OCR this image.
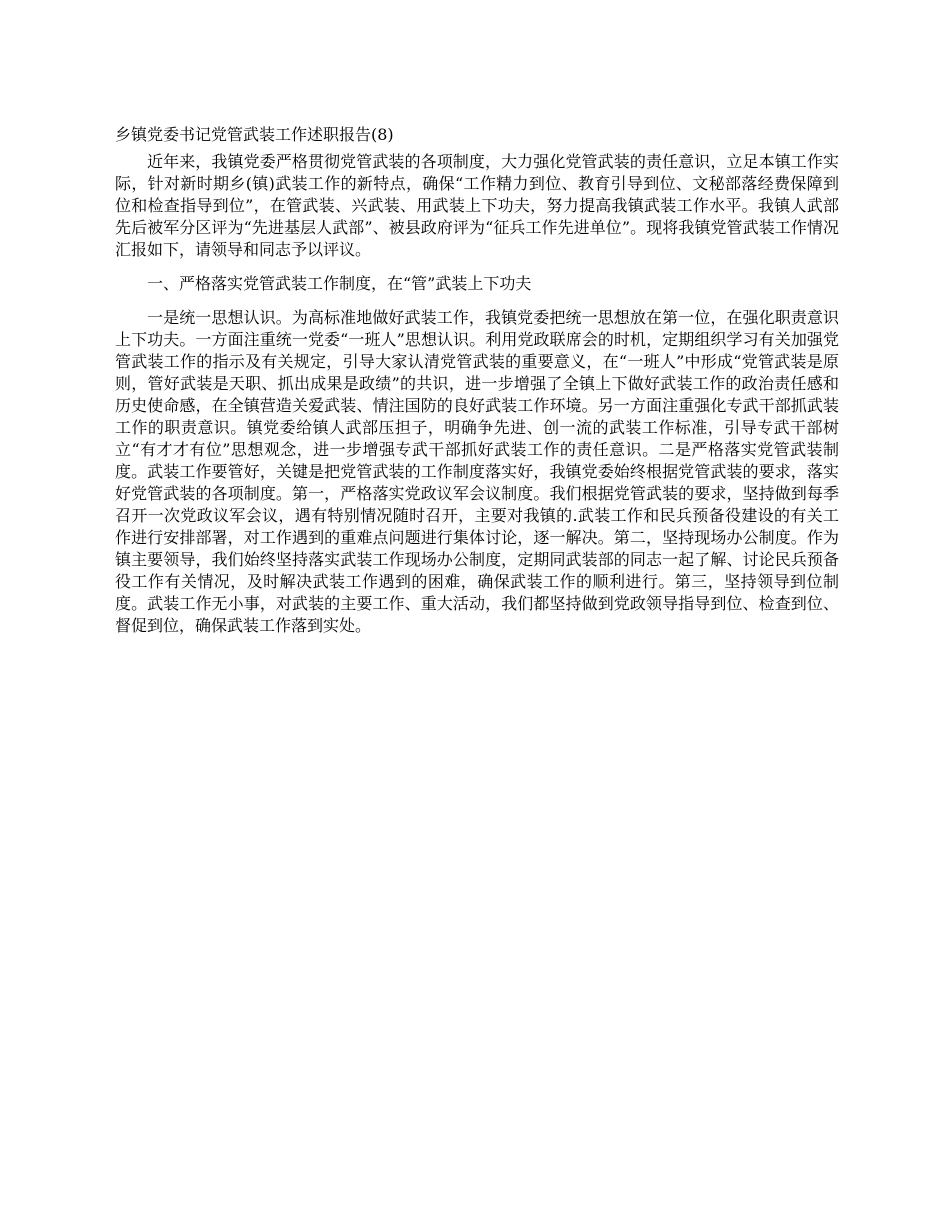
乡镇党委书记党管武装工作述职报告(8)

近年来，我镇党委严格贯彻党管武装的各项制度，大力强化党管武装的责任意识，立足本镇工作实际，针对新时期乡(镇)武装工作的新特点，确保“工作精力到位、教育引导到位、文秘部落经费保障到位和检查指导到位”，在管武装、兴武装、用武装上下功夫，努力提高我镇武装工作水平。我镇人武部先后被军分区评为“先进基层人武部”、被县政府评为“征兵工作先进单位”。现将我镇党管武装工作情况汇报如下，请领导和同志予以评议。

一、严格落实党管武装工作制度，在“管”武装上下功夫

一是统一思想认识。为高标准地做好武装工作，我镇党委把统一思想放在第一位，在强化职责意识上下功夫。一方面注重统一党委“一班人”思想认识。利用党政联席会的时机，定期组织学习有关加强党管武装工作的指示及有关规定，引导大家认清党管武装的重要意义，在“一班人”中形成“党管武装是原则，管好武装是天职、抓出成果是政绩”的共识，进一步增强了全镇上下做好武装工作的政治责任感和历史使命感，在全镇营造关爱武装、情注国防的良好武装工作环境。另一方面注重强化专武干部抓武装工作的职责意识。镇党委给镇人武部压担子，明确争先进、创一流的武装工作标准，引导专武干部树立“有才才有位”思想观念，进一步增强专武干部抓好武装工作的责任意识。二是严格落实党管武装制度。武装工作要管好，关键是把党管武装的工作制度落实好，我镇党委始终根据党管武装的要求，落实好党管武装的各项制度。第一，严格落实党政议军会议制度。我们根据党管武装的要求，坚持做到每季召开一次党政议军会议，遇有特别情况随时召开，主要对我镇的.武装工作和民兵预备役建设的有关工作进行安排部署，对工作遇到的重难点问题进行集体讨论，逐一解决。第二，坚持现场办公制度。作为镇主要领导，我们始终坚持落实武装工作现场办公制度，定期同武装部的同志一起了解、讨论民兵预备役工作有关情况，及时解决武装工作遇到的困难，确保武装工作的顺利进行。第三，坚持领导到位制度。武装工作无小事，对武装的主要工作、重大活动，我们都坚持做到党政领导指导到位、检查到位、督促到位，确保武装工作落到实处。
